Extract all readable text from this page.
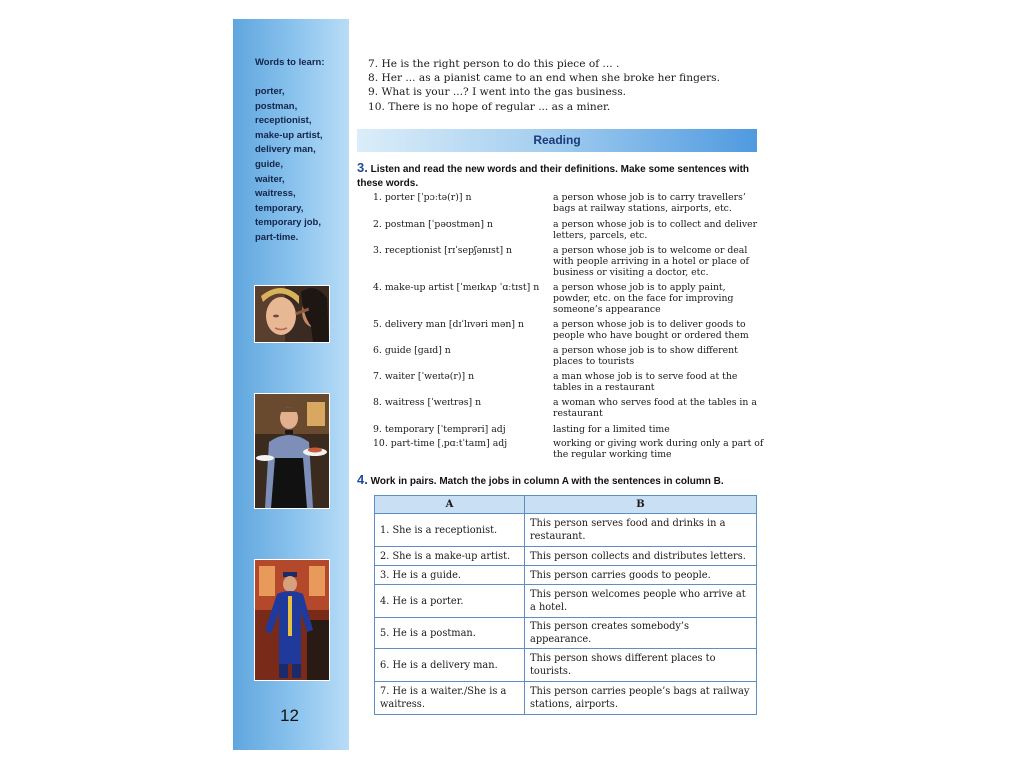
Words to learn:
porter,
postman,
receptionist,
make-up artist,
delivery man,
guide,
waiter,
waitress,
temporary,
temporary job,
part-time.
12
7. He is the right person to do this piece of ... .
8. Her ... as a pianist came to an end when she broke her fingers.
9. What is your ...? I went into the gas business.
10. There is no hope of regular ... as a miner.
Reading
3. Listen and read the new words and their definitions. Make some sentences with these words.
1. porter [ˈpɔːtə(r)] n	a person whose job is to carry travellers’ bags at railway stations, airports, etc.
2. postman [ˈpəʊstmən] n	a person whose job is to collect and deliver letters, parcels, etc.
3. receptionist [rɪˈsepʃənɪst] n	a person whose job is to welcome or deal with people arriving in a hotel or place of business or visiting a doctor, etc.
4. make-up artist [ˈmeɪkʌp ˈɑːtɪst] n	a person whose job is to apply paint, powder, etc. on the face for improving someone’s appearance
5. delivery man [dɪˈlɪvəri mən] n	a person whose job is to deliver goods to people who have bought or ordered them
6. guide [gaɪd] n	a person whose job is to show different places to tourists
7. waiter [ˈweɪtə(r)] n	a man whose job is to serve food at the tables in a restaurant
8. waitress [ˈweɪtrəs] n	a woman who serves food at the tables in a restaurant
9. temporary [ˈtemprəri] adj	lasting for a limited time
10. part-time [ˌpɑːtˈtaɪm] adj	working or giving work during only a part of the regular working time
4. Work in pairs. Match the jobs in column A with the sentences in column B.
A	B
1. She is a receptionist.	This person serves food and drinks in a restaurant.
2. She is a make-up artist.	This person collects and distributes letters.
3. He is a guide.	This person carries goods to people.
4. He is a porter.	This person welcomes people who arrive at a hotel.
5. He is a postman.	This person creates somebody’s appearance.
6. He is a delivery man.	This person shows different places to tourists.
7. He is a waiter./She is a waitress.	This person carries people’s bags at railway stations, airports.
